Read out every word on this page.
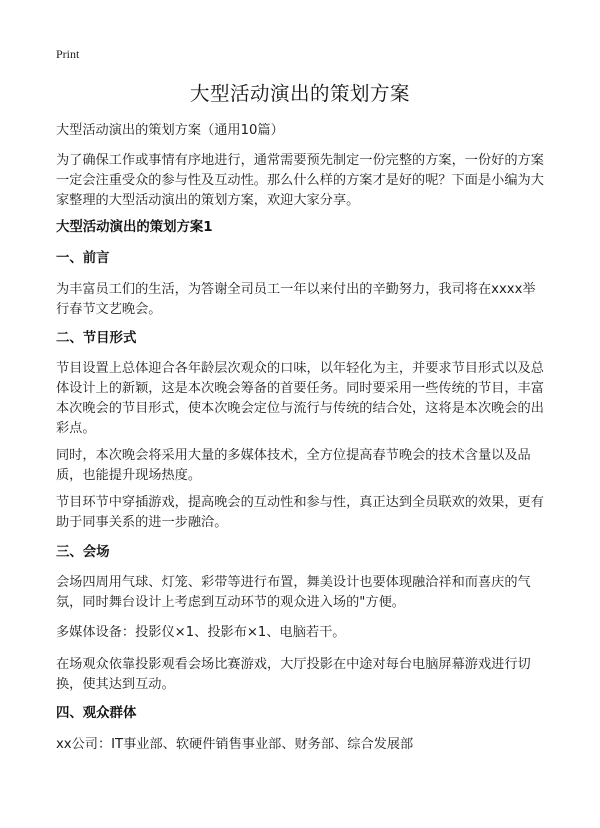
Print
大型活动演出的策划方案

大型活动演出的策划方案（通用10篇）

为了确保工作或事情有序地进行，通常需要预先制定一份完整的方案，一份好的方案一定会注重受众的参与性及互动性。那么什么样的方案才是好的呢？下面是小编为大家整理的大型活动演出的策划方案，欢迎大家分享。

大型活动演出的策划方案1

一、前言

为丰富员工们的生活，为答谢全司员工一年以来付出的辛勤努力，我司将在xxxx举行春节文艺晚会。

二、节目形式

节目设置上总体迎合各年龄层次观众的口味，以年轻化为主，并要求节目形式以及总体设计上的新颖，这是本次晚会筹备的首要任务。同时要采用一些传统的节目，丰富本次晚会的节目形式，使本次晚会定位与流行与传统的结合处，这将是本次晚会的出彩点。

同时，本次晚会将采用大量的多媒体技术，全方位提高春节晚会的技术含量以及品质，也能提升现场热度。

节目环节中穿插游戏，提高晚会的互动性和参与性，真正达到全员联欢的效果，更有助于同事关系的进一步融洽。

三、会场

会场四周用气球、灯笼、彩带等进行布置，舞美设计也要体现融洽祥和而喜庆的气氛，同时舞台设计上考虑到互动环节的观众进入场的"方便。

多媒体设备：投影仪×1、投影布×1、电脑若干。

在场观众依靠投影观看会场比赛游戏，大厅投影在中途对每台电脑屏幕游戏进行切换，使其达到互动。

四、观众群体

xx公司：IT事业部、软硬件销售事业部、财务部、综合发展部
